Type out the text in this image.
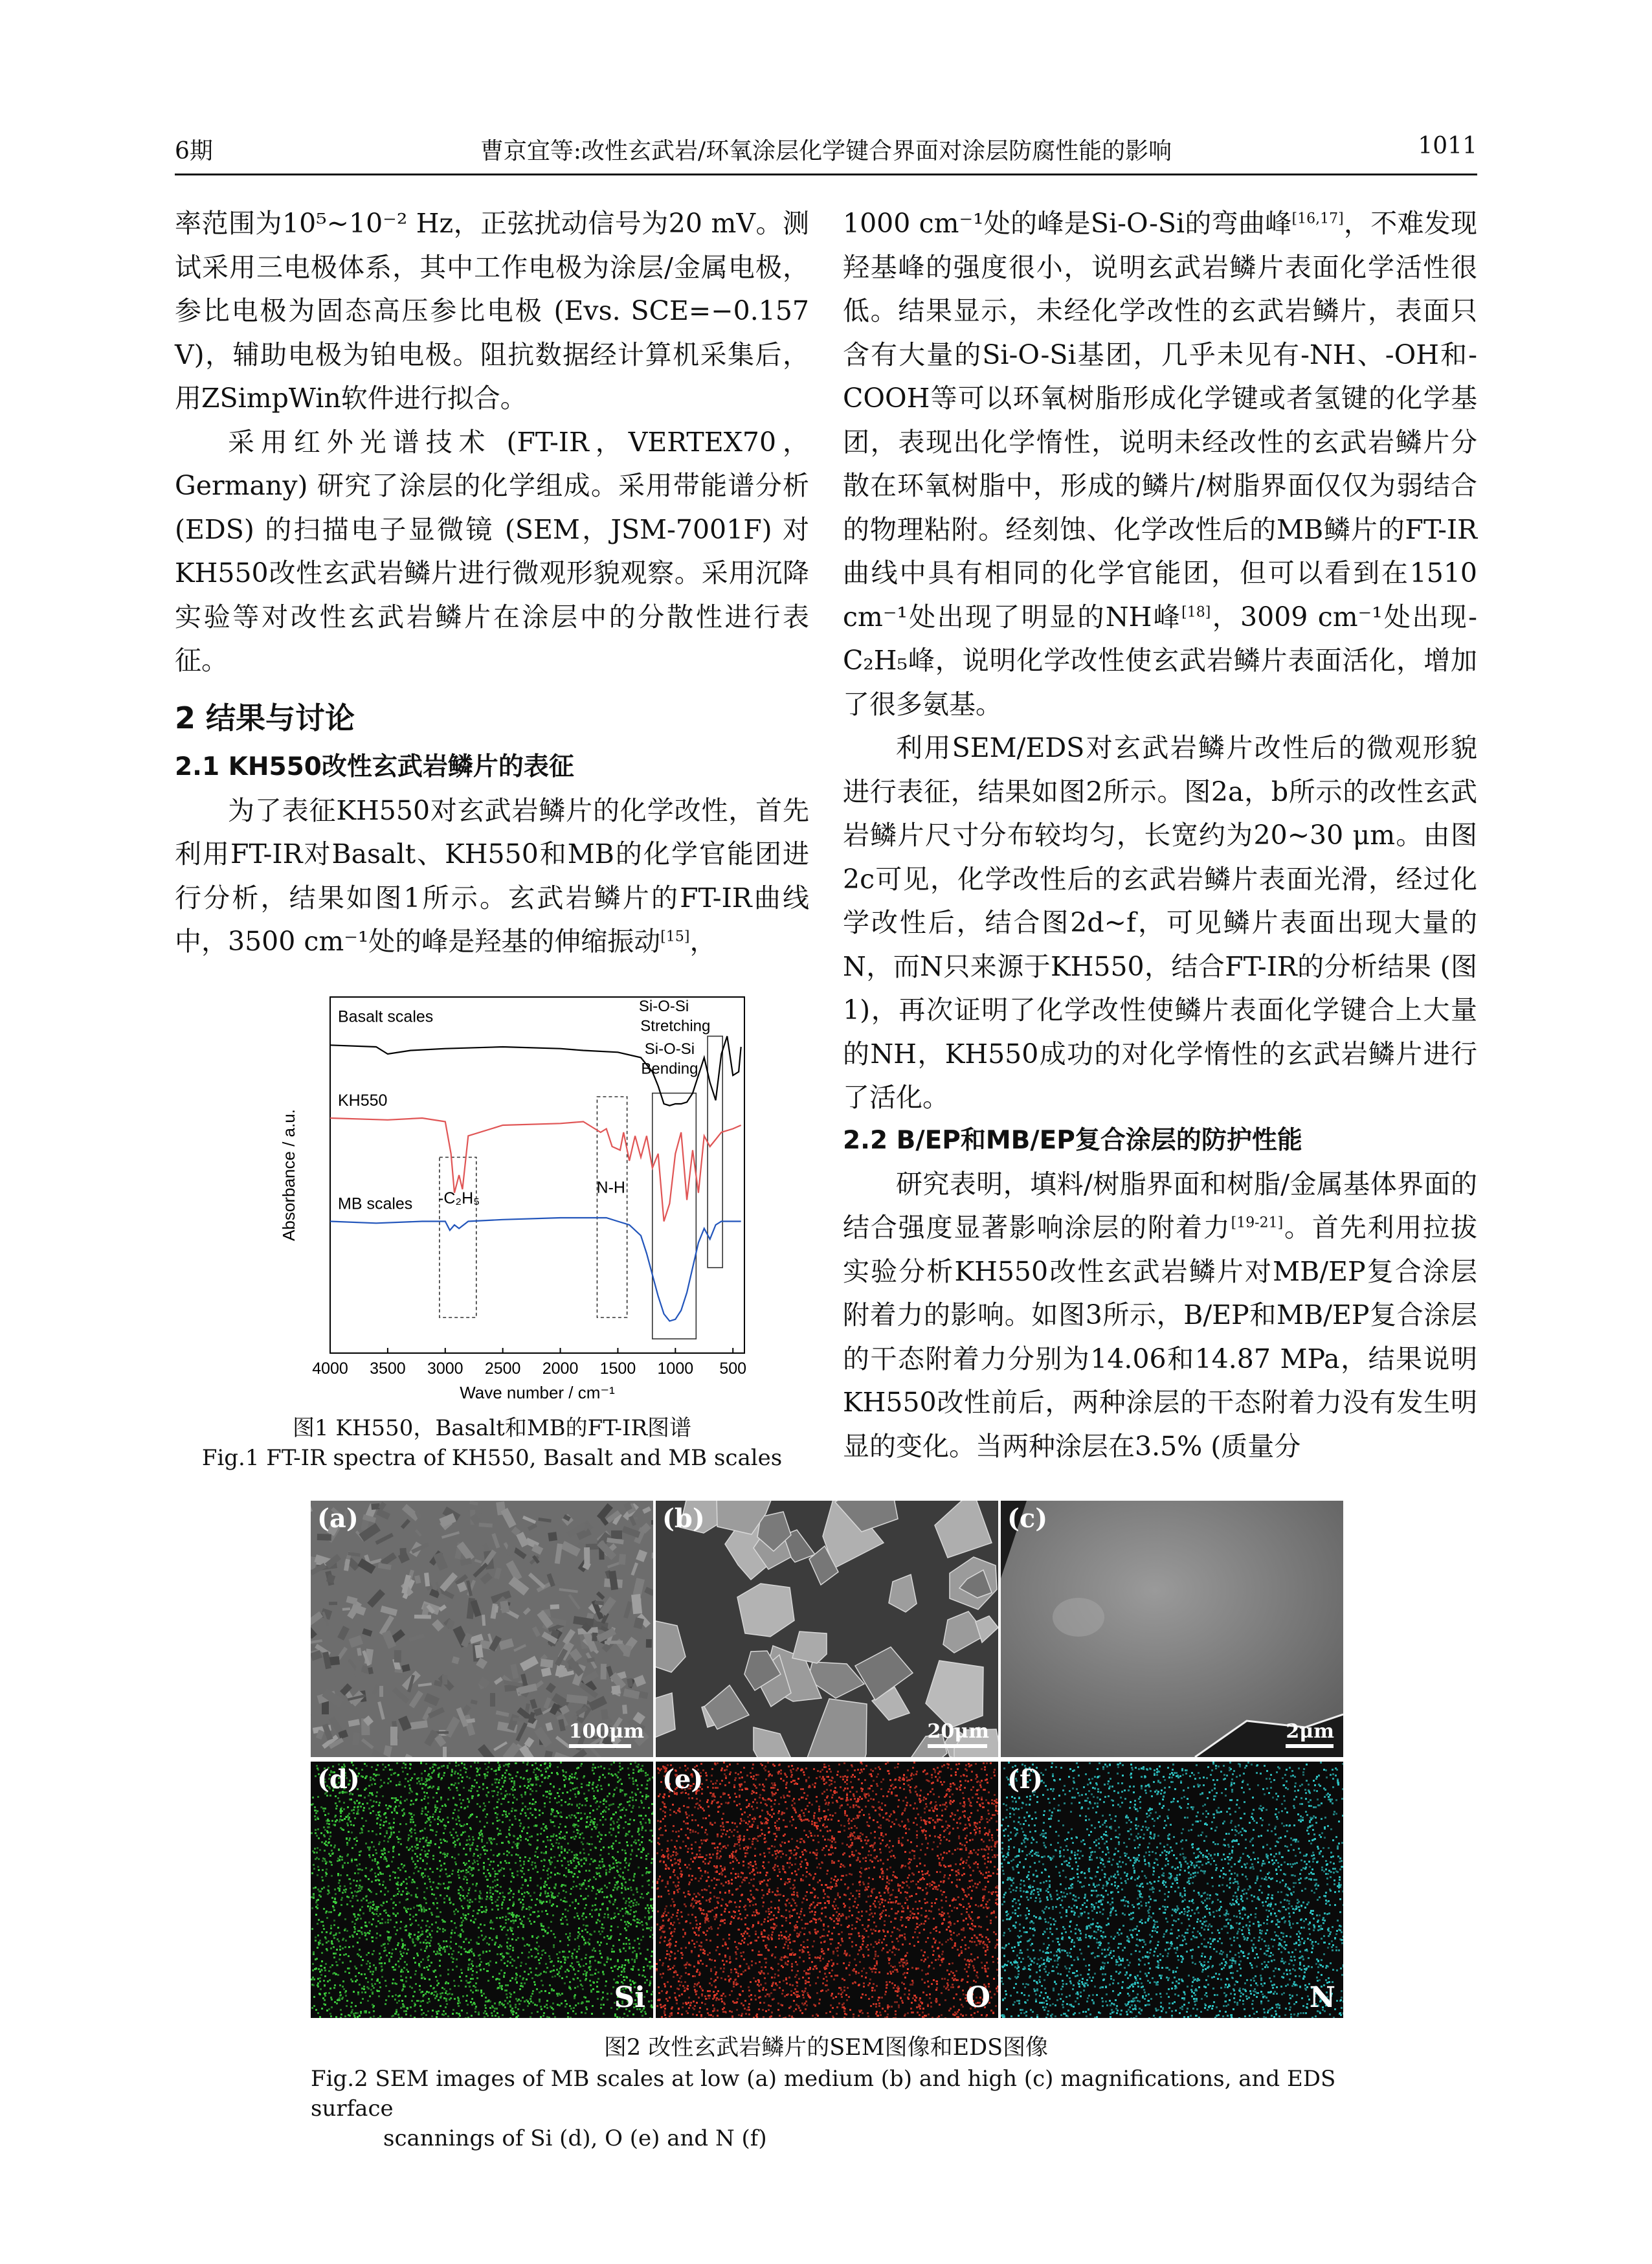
6期	曹京宜等:改性玄武岩/环氧涂层化学键合界面对涂层防腐性能的影响	1011

率范围为10⁵~10⁻² Hz，正弦扰动信号为20 mV。测试采用三电极体系，其中工作电极为涂层/金属电极，参比电极为固态高压参比电极 (Evs. SCE=−0.157 V)，辅助电极为铂电极。阻抗数据经计算机采集后，用ZSimpWin软件进行拟合。

采用红外光谱技术 (FT-IR，VERTEX70，Germany) 研究了涂层的化学组成。采用带能谱分析 (EDS) 的扫描电子显微镜 (SEM，JSM-7001F) 对KH550改性玄武岩鳞片进行微观形貌观察。采用沉降实验等对改性玄武岩鳞片在涂层中的分散性进行表征。

2 结果与讨论
2.1 KH550改性玄武岩鳞片的表征

为了表征KH550对玄武岩鳞片的化学改性，首先利用FT-IR对Basalt、KH550和MB的化学官能团进行分析，结果如图1所示。玄武岩鳞片的FT-IR曲线中，3500 cm⁻¹处的峰是羟基的伸缩振动[15]，

1000 cm⁻¹处的峰是Si-O-Si的弯曲峰[16,17]，不难发现羟基峰的强度很小，说明玄武岩鳞片表面化学活性很低。结果显示，未经化学改性的玄武岩鳞片，表面只含有大量的Si-O-Si基团，几乎未见有-NH、-OH和-COOH等可以环氧树脂形成化学键或者氢键的化学基团，表现出化学惰性，说明未经改性的玄武岩鳞片分散在环氧树脂中，形成的鳞片/树脂界面仅仅为弱结合的物理粘附。经刻蚀、化学改性后的MB鳞片的FT-IR曲线中具有相同的化学官能团，但可以看到在1510 cm⁻¹处出现了明显的NH峰[18]，3009 cm⁻¹处出现-C₂H₅峰，说明化学改性使玄武岩鳞片表面活化，增加了很多氨基。

利用SEM/EDS对玄武岩鳞片改性后的微观形貌进行表征，结果如图2所示。图2a，b所示的改性玄武岩鳞片尺寸分布较均匀，长宽约为20~30 μm。由图2c可见，化学改性后的玄武岩鳞片表面光滑，经过化学改性后，结合图2d~f，可见鳞片表面出现大量的N，而N只来源于KH550，结合FT-IR的分析结果 (图1)，再次证明了化学改性使鳞片表面化学键合上大量的NH，KH550成功的对化学惰性的玄武岩鳞片进行了活化。

2.2 B/EP和MB/EP复合涂层的防护性能

研究表明，填料/树脂界面和树脂/金属基体界面的结合强度显著影响涂层的附着力[19-21]。首先利用拉拔实验分析KH550改性玄武岩鳞片对MB/EP复合涂层附着力的影响。如图3所示，B/EP和MB/EP复合涂层的干态附着力分别为14.06和14.87 MPa，结果说明KH550改性前后，两种涂层的干态附着力没有发生明显的变化。当两种涂层在3.5% (质量分

4000 3500 3000 2500 2000 1500 1000 500
Wave number / cm⁻¹
Absorbance / a.u.
Basalt scales
KH550
MB scales
Si-O-Si
Stretching
Si-O-Si
Bending
-C₂H₅
N-H
图1 KH550，Basalt和MB的FT-IR图谱
Fig.1 FT-IR spectra of KH550, Basalt and MB scales
(a)
100μm
(b)
20μm
(c)
2μm
(d)
Si
(e)
O
(f)
N
图2 改性玄武岩鳞片的SEM图像和EDS图像
Fig.2 SEM images of MB scales at low (a) medium (b) and high (c) magnifications, and EDS surface
scannings of Si (d), O (e) and N (f)
